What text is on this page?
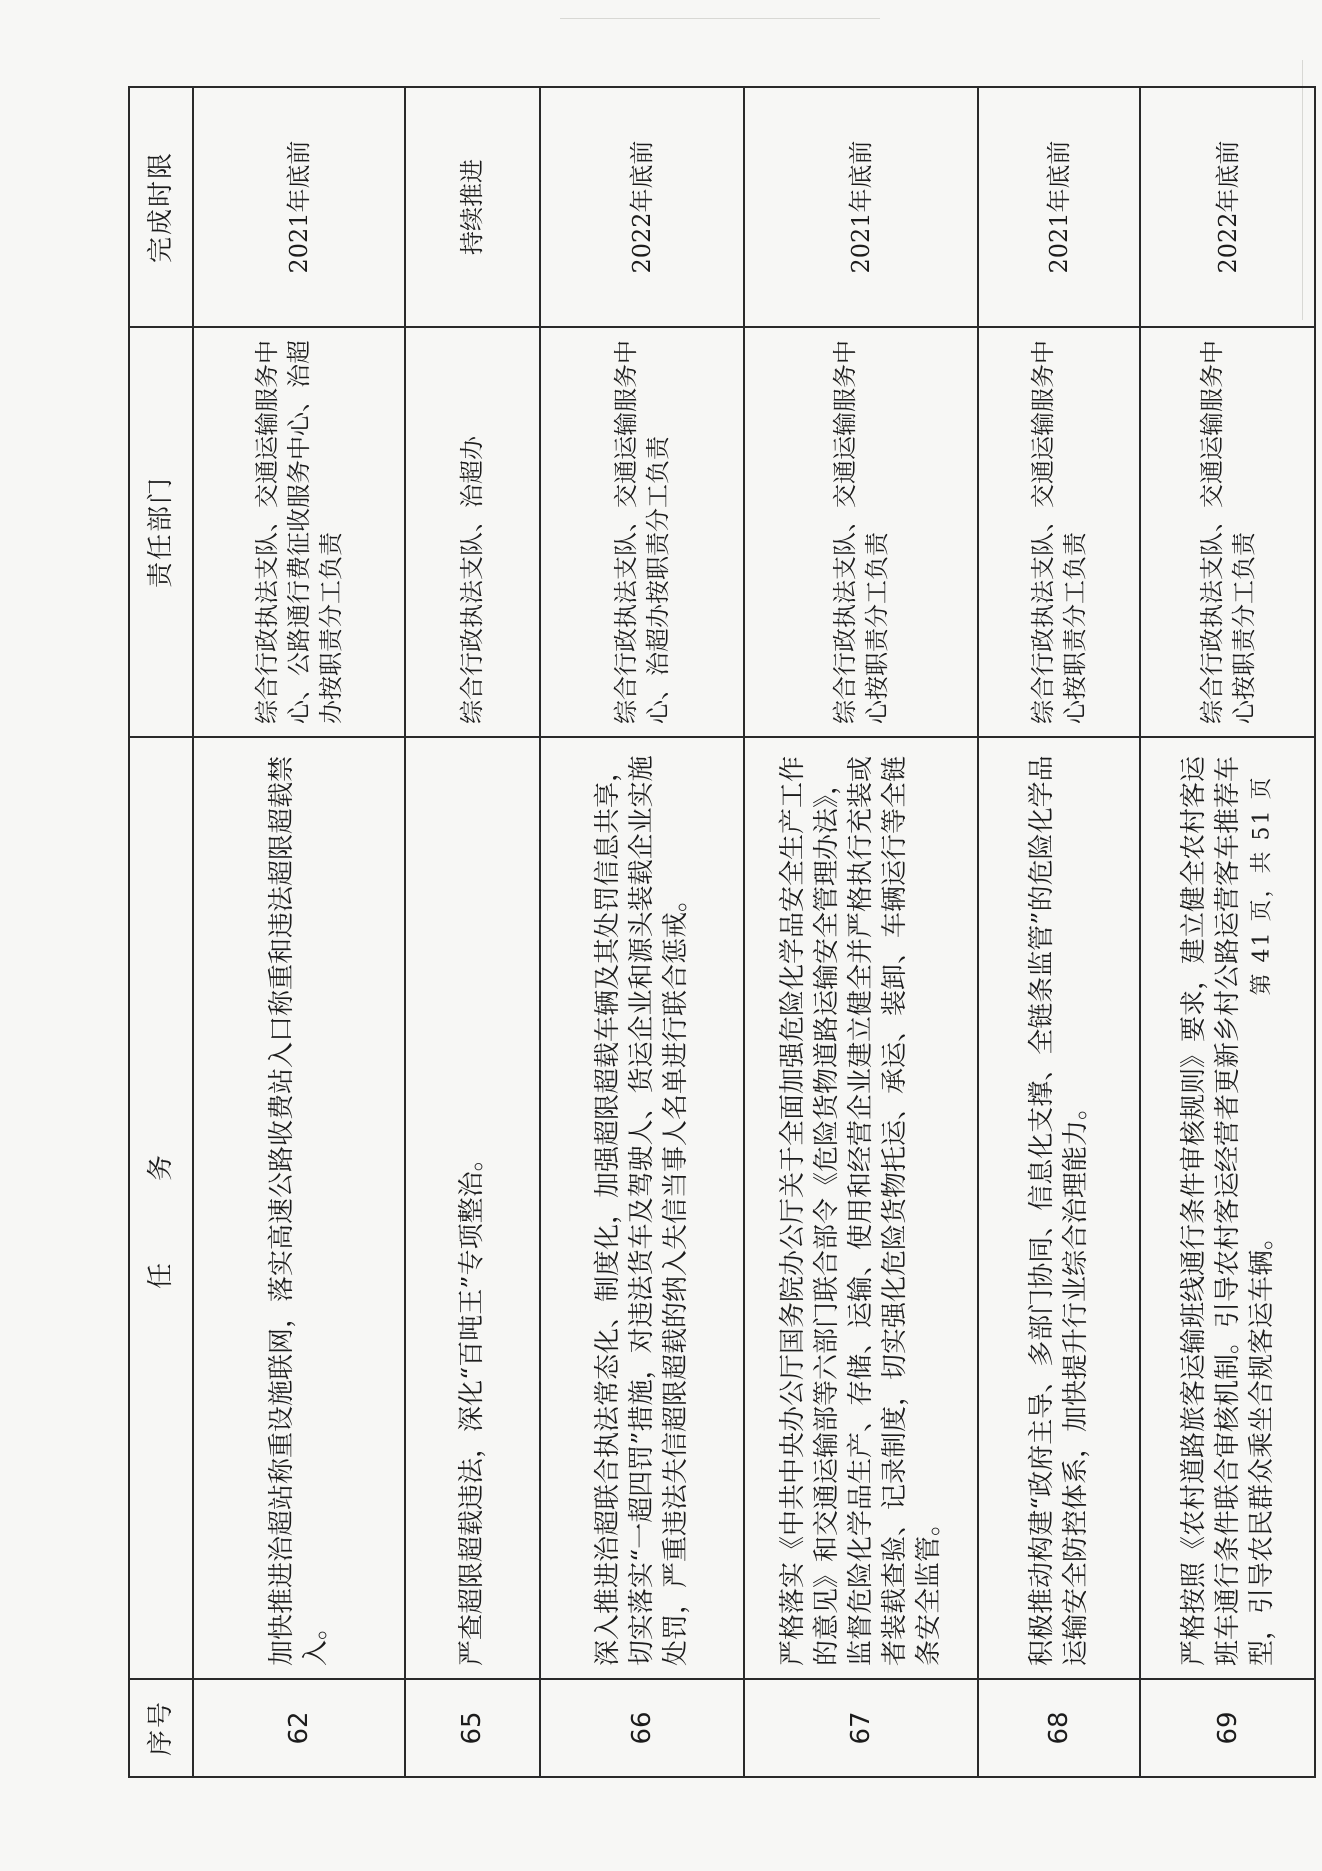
序号	任　务	责任部门	完成时限
62	加快推进治超站称重设施联网，落实高速公路收费站入口称重和违法超限超载禁入。	综合行政执法支队、交通运输服务中心、公路通行费征收服务中心、治超办按职责分工负责	2021年底前
65	严查超限超载违法，深化“百吨王”专项整治。	综合行政执法支队、治超办	持续推进
66	深入推进治超联合执法常态化、制度化，加强超限超载车辆及其处罚信息共享，切实落实“一超四罚”措施，对违法货车及驾驶人、货运企业和源头装载企业实施处罚，严重违法失信超限超载的纳入失信当事人名单进行联合惩戒。	综合行政执法支队、交通运输服务中心、治超办按职责分工负责	2022年底前
67	严格落实《中共中央办公厅国务院办公厅关于全面加强危险化学品安全生产工作的意见》和交通运输部等六部门联合部令《危险货物道路运输安全管理办法》，监督危险化学品生产、存储、运输、使用和经营企业建立健全并严格执行充装或者装载查验、记录制度，切实强化危险货物托运、承运、装卸、车辆运行等全链条安全监管。	综合行政执法支队、交通运输服务中心按职责分工负责	2021年底前
68	积极推动构建“政府主导、多部门协同、信息化支撑、全链条监管”的危险化学品运输安全防控体系，加快提升行业综合治理能力。	综合行政执法支队、交通运输服务中心按职责分工负责	2021年底前
69	严格按照《农村道路旅客运输班线通行条件审核规则》要求，建立健全农村客运班车通行条件联合审核机制。引导农村客运经营者更新乡村公路运营客车推荐车型，引导农民群众乘坐合规客运车辆。	综合行政执法支队、交通运输服务中心按职责分工负责	2022年底前
第 41 页，共 51 页
